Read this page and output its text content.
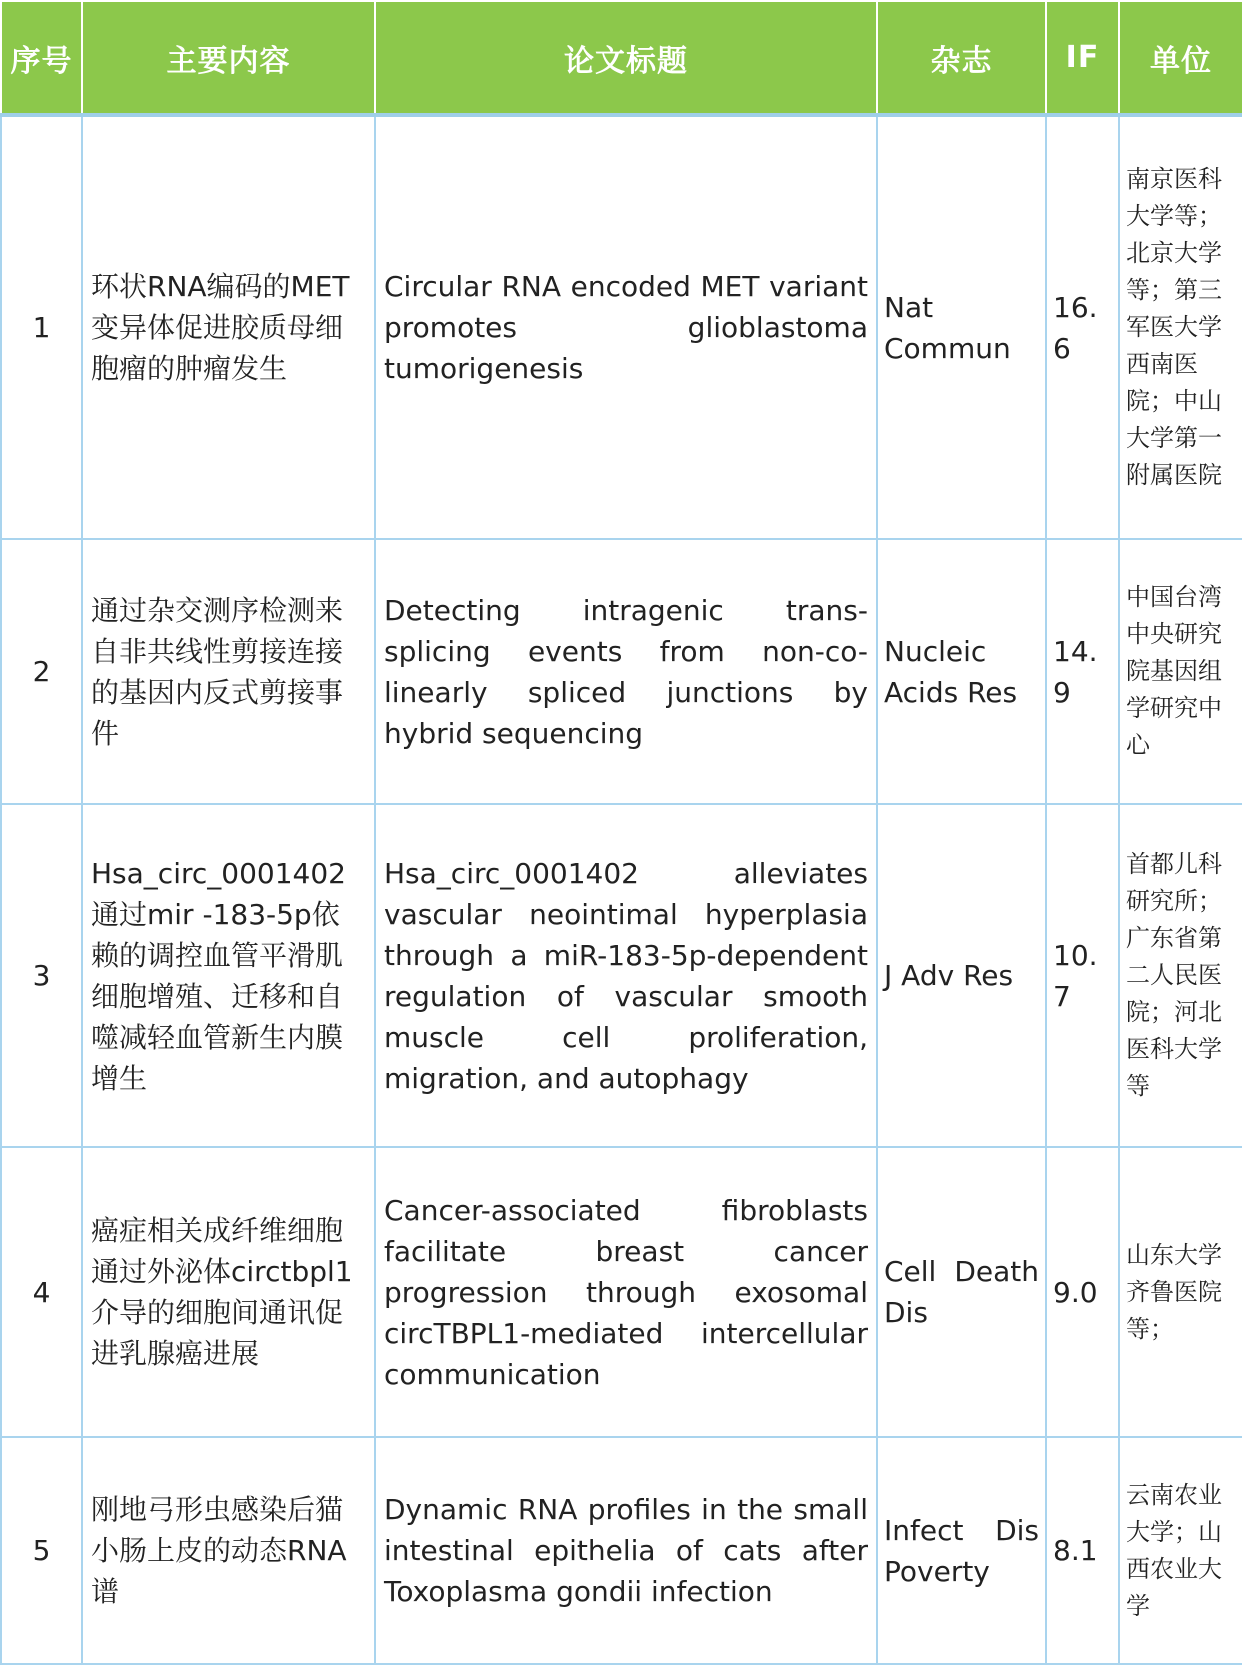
序号	主要内容	论文标题	杂志	IF	单位
1	环状RNA编码的MET变异体促进胶质母细胞瘤的肿瘤发生	Circular RNA encoded MET variant promotes glioblastoma tumorigenesis	Nat Commun	16.6	南京医科大学等；北京大学等；第三军医大学西南医院；中山大学第一附属医院
2	通过杂交测序检测来自非共线性剪接连接的基因内反式剪接事件	Detecting intragenic trans-splicing events from non-co-linearly spliced junctions by hybrid sequencing	Nucleic Acids Res	14.9	中国台湾中央研究院基因组学研究中心
3	Hsa_circ_0001402通过mir -183-5p依赖的调控血管平滑肌细胞增殖、迁移和自噬减轻血管新生内膜增生	Hsa_circ_0001402 alleviates vascular neointimal hyperplasia through a miR-183-5p-dependent regulation of vascular smooth muscle cell proliferation, migration, and autophagy	J Adv Res	10.7	首都儿科研究所；广东省第二人民医院；河北医科大学等
4	癌症相关成纤维细胞通过外泌体circtbpl1介导的细胞间通讯促进乳腺癌进展	Cancer-associated fibroblasts facilitate breast cancer progression through exosomal circTBPL1-mediated intercellular communication	Cell Death Dis	9.0	山东大学齐鲁医院等；
5	刚地弓形虫感染后猫小肠上皮的动态RNA谱	Dynamic RNA profiles in the small intestinal epithelia of cats after Toxoplasma gondii infection	Infect Dis Poverty	8.1	云南农业大学；山西农业大学
